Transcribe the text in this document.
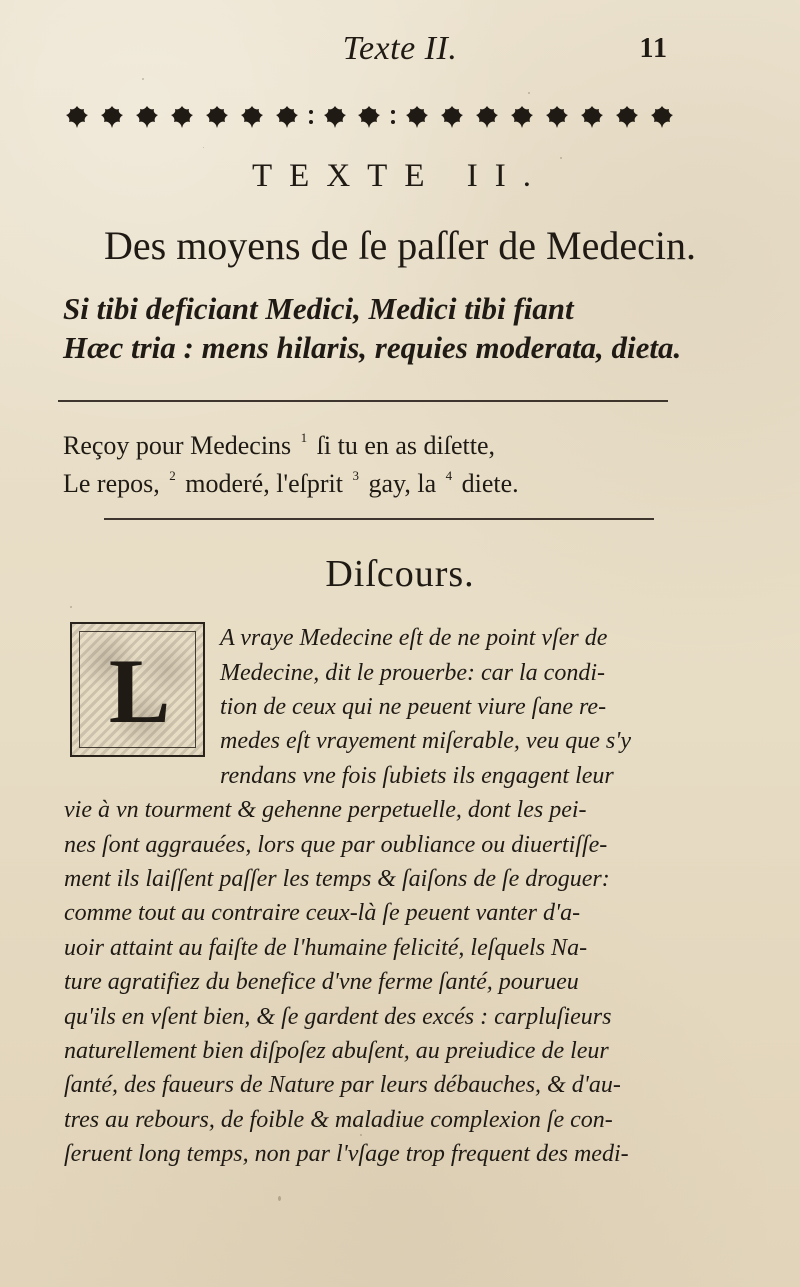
Texte II.	11
TEXTE II.
Des moyens de ſe paſſer de Medecin.
Si tibi deficiant Medici, Medici tibi fiant
Hæc tria : mens hilaris, requies moderata, dieta.
Reçoy pour Medecins $^1$ ſi tu en as diſette,
Le repos, $^2$ moderé, l'eſprit $^3$ gay, la $^4$ diete.
Diſcours.
L
A vraye Medecine eſt de ne point vſer de
Medecine, dit le prouerbe: car la condi-
tion de ceux qui ne peuent viure ſane re-
medes eſt vrayement miſerable, veu que s'y
rendans vne fois ſubiets ils engagent leur
vie à vn tourment & gehenne perpetuelle, dont les pei-
nes ſont aggrauées, lors que par oubliance ou diuertiſſe-
ment ils laiſſent paſſer les temps & ſaiſons de ſe droguer:
comme tout au contraire ceux-là ſe peuent vanter d'a-
uoir attaint au faiſte de l'humaine felicité, leſquels Na-
ture agratifiez du benefice d'vne ferme ſanté, pourueu
qu'ils en vſent bien, & ſe gardent des excés : carpluſieurs
naturellement bien diſpoſez abuſent, au preiudice de leur
ſanté, des faueurs de Nature par leurs débauches, & d'au-
tres au rebours, de foible & maladiue complexion ſe con-
ſeruent long temps, non par l'vſage trop frequent des medi-
